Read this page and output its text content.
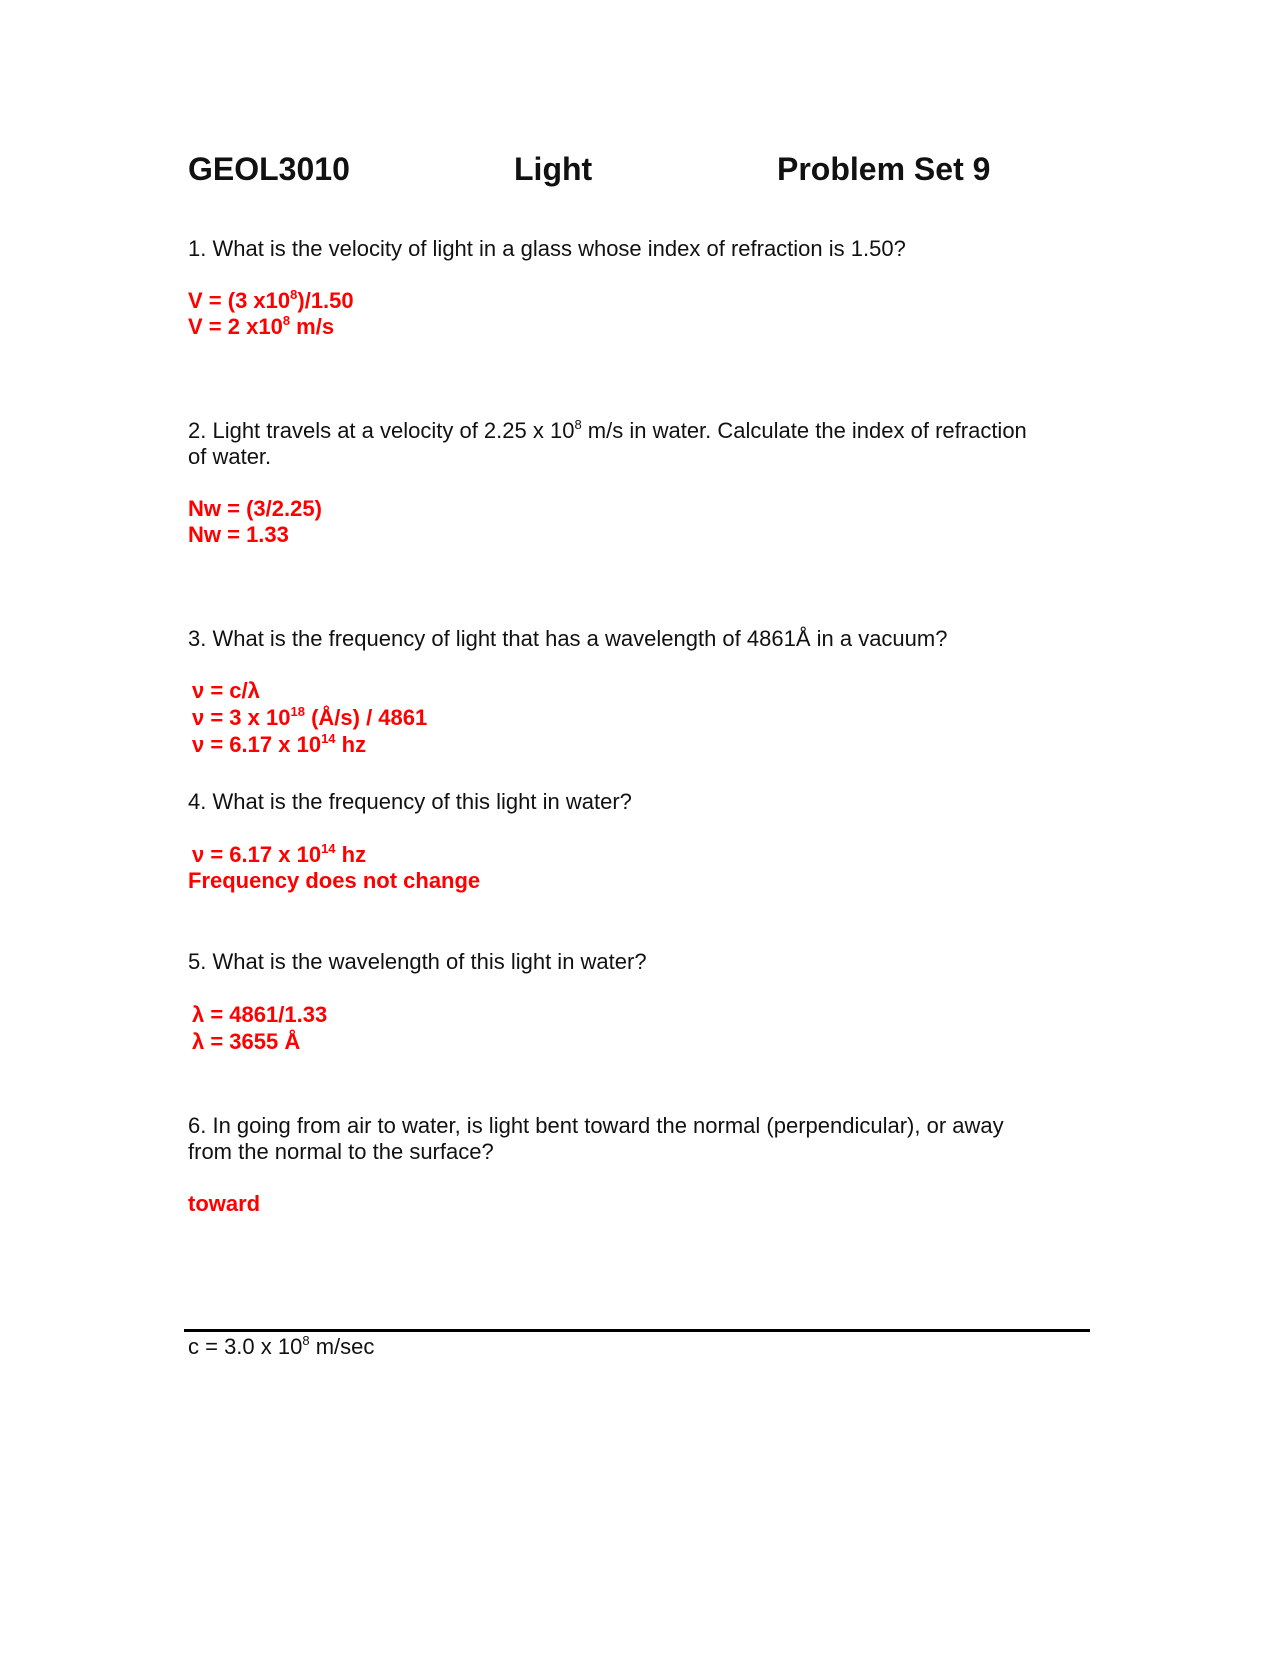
GEOL3010	Light	Problem Set 9
1. What is the velocity of light in a glass whose index of refraction is 1.50?
V = (3 $x10^8)/1.50$
V = 2 $x10^8$ m/s
2. Light travels at a velocity of 2.25 x $10^8$ m/s in water. Calculate the index of refraction
of water.
Nw = (3/2.25)
Nw = 1.33
3. What is the frequency of light that has a wavelength of 4861Å in a vacuum?
ν = c/λ
ν = 3 x $10^{18}$ (Å/s) / 4861
ν = 6.17 x $10^{14}$ hz
4. What is the frequency of this light in water?
ν = 6.17 x $10^{14}$ hz
Frequency does not change
5. What is the wavelength of this light in water?
λ = 4861/1.33
λ = 3655 Å
6. In going from air to water, is light bent toward the normal (perpendicular), or away
from the normal to the surface?
toward
c = 3.0 x $10^8$ m/sec
